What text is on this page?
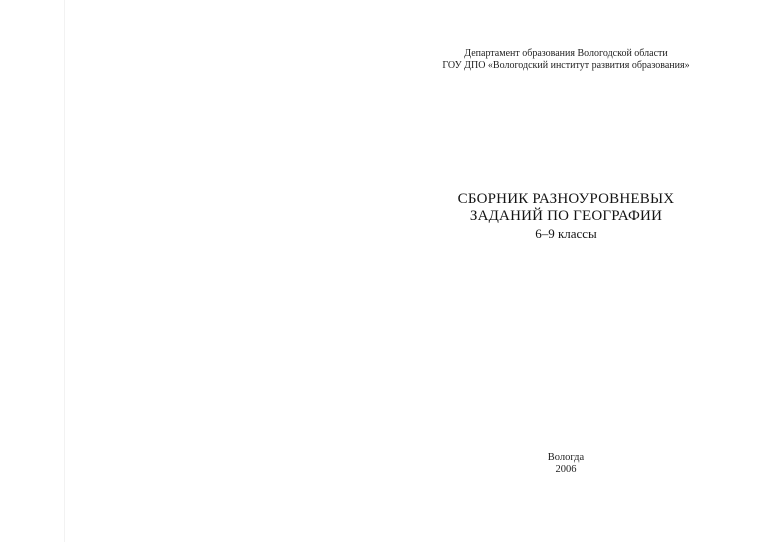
Департамент образования Вологодской области
ГОУ ДПО «Вологодский институт развития образования»
СБОРНИК РАЗНОУРОВНЕВЫХ
ЗАДАНИЙ ПО ГЕОГРАФИИ
6–9 классы
Вологда
2006
